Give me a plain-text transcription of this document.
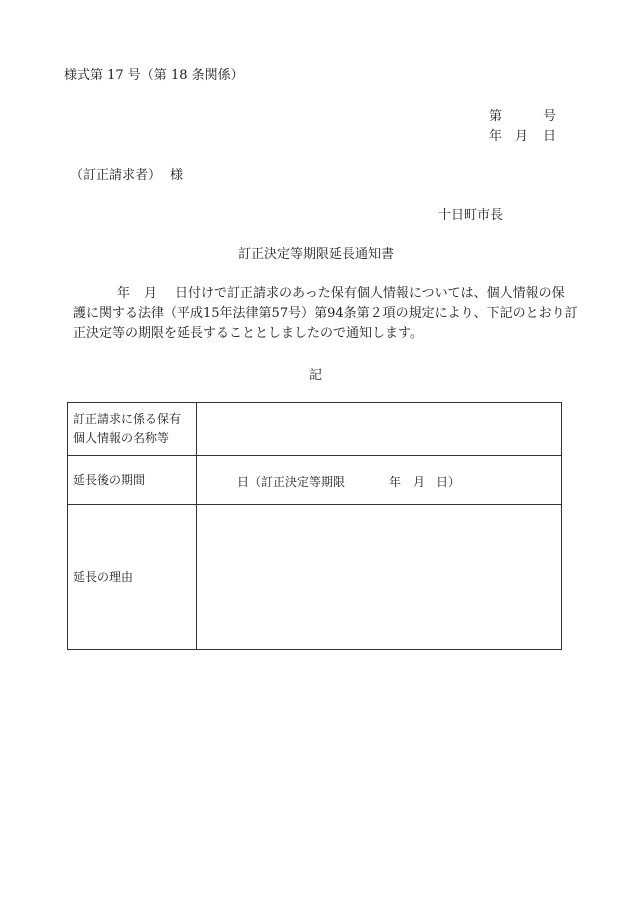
様式第 17 号（第 18 条関係）
第	号
年 月 日
（訂正請求者） 様
十日町市長
訂正決定等期限延長通知書
年 月 日付けで訂正請求のあった保有個人情報については、個人情報の保
護に関する法律（平成15年法律第57号）第94条第２項の規定により、下記のとおり訂
正決定等の期限を延長することとしましたので通知します。
記
訂正請求に係る保有
個人情報の名称等	

延長後の期間	日（訂正決定等期限 年 月 日）

延長の理由	
